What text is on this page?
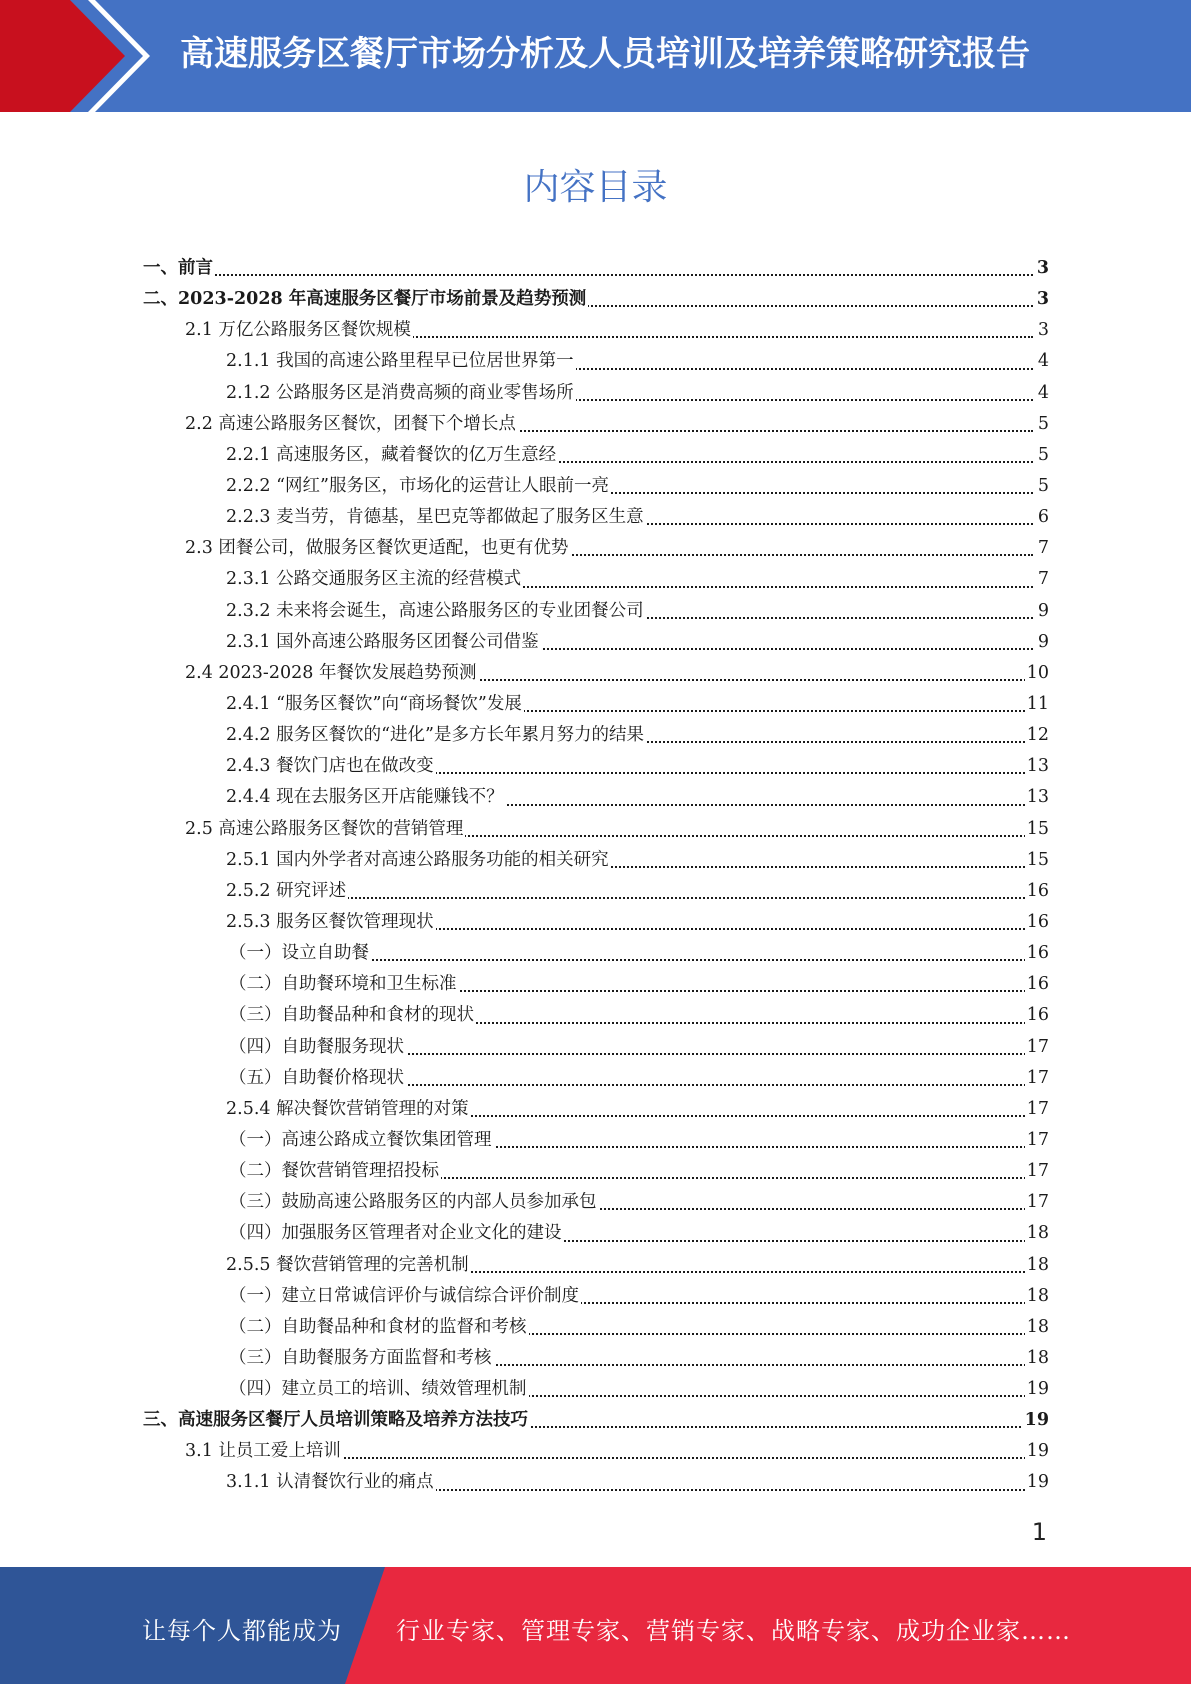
高速服务区餐厅市场分析及人员培训及培养策略研究报告
内容目录
一、前言	3
二、2023-2028 年高速服务区餐厅市场前景及趋势预测	3
2.1 万亿公路服务区餐饮规模	3
2.1.1 我国的高速公路里程早已位居世界第一	4
2.1.2 公路服务区是消费高频的商业零售场所	4
2.2 高速公路服务区餐饮，团餐下个增长点	5
2.2.1 高速服务区，藏着餐饮的亿万生意经	5
2.2.2 “网红”服务区，市场化的运营让人眼前一亮	5
2.2.3 麦当劳，肯德基，星巴克等都做起了服务区生意	6
2.3 团餐公司，做服务区餐饮更适配，也更有优势	7
2.3.1 公路交通服务区主流的经营模式	7
2.3.2 未来将会诞生，高速公路服务区的专业团餐公司	9
2.3.1 国外高速公路服务区团餐公司借鉴	9
2.4 2023-2028 年餐饮发展趋势预测	10
2.4.1 “服务区餐饮”向“商场餐饮”发展	11
2.4.2 服务区餐饮的“进化”是多方长年累月努力的结果	12
2.4.3 餐饮门店也在做改变	13
2.4.4 现在去服务区开店能赚钱不？	13
2.5 高速公路服务区餐饮的营销管理	15
2.5.1 国内外学者对高速公路服务功能的相关研究	15
2.5.2 研究评述	16
2.5.3 服务区餐饮管理现状	16
（一）设立自助餐	16
（二）自助餐环境和卫生标准	16
（三）自助餐品种和食材的现状	16
（四）自助餐服务现状	17
（五）自助餐价格现状	17
2.5.4 解决餐饮营销管理的对策	17
（一）高速公路成立餐饮集团管理	17
（二）餐饮营销管理招投标	17
（三）鼓励高速公路服务区的内部人员参加承包	17
（四）加强服务区管理者对企业文化的建设	18
2.5.5 餐饮营销管理的完善机制	18
（一）建立日常诚信评价与诚信综合评价制度	18
（二）自助餐品种和食材的监督和考核	18
（三）自助餐服务方面监督和考核	18
（四）建立员工的培训、绩效管理机制	19
三、高速服务区餐厅人员培训策略及培养方法技巧	19
3.1 让员工爱上培训	19
3.1.1 认清餐饮行业的痛点	19
1
让每个人都能成为 行业专家、管理专家、营销专家、战略专家、成功企业家……
